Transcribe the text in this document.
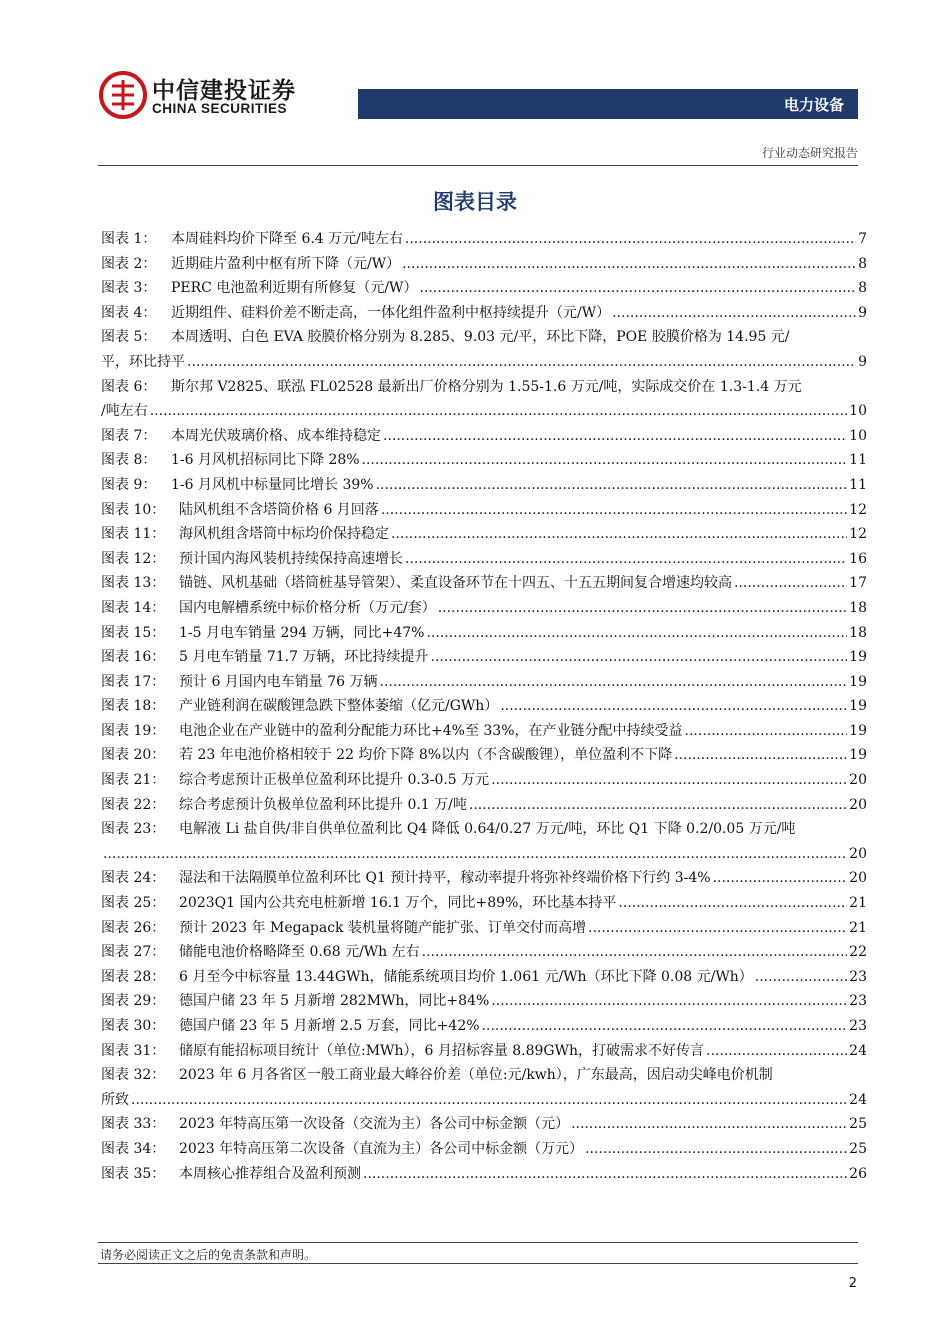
中信建投证券
CHINA SECURITIES	电力设备
行业动态研究报告
图表目录
图表 1：	本周硅料均价下降至 6.4 万元/吨左右 .....	7
图表 2：	近期硅片盈利中枢有所下降（元/W） .....	8
图表 3：	PERC 电池盈利近期有所修复（元/W） .....	8
图表 4：	近期组件、硅料价差不断走高，一体化组件盈利中枢持续提升（元/W） .....	9
图表 5：	本周透明、白色 EVA 胶膜价格分别为 8.285、9.03 元/平，环比下降，POE 胶膜价格为 14.95 元/
平，环比持平 .....	9
图表 6：	斯尔邦 V2825、联泓 FL02528 最新出厂价格分别为 1.55-1.6 万元/吨，实际成交价在 1.3-1.4 万元
/吨左右 .....	10
图表 7：	本周光伏玻璃价格、成本维持稳定 .....	10
图表 8：	1-6 月风机招标同比下降 28% .....	11
图表 9：	1-6 月风机中标量同比增长 39% .....	11
图表 10： 陆风机组不含塔筒价格 6 月回落 .....	12
图表 11： 海风机组含塔筒中标均价保持稳定 .....	12
图表 12： 预计国内海风装机持续保持高速增长 .....	16
图表 13： 锚链、风机基础（塔筒桩基导管架）、柔直设备环节在十四五、十五五期间复合增速均较高 .....	17
图表 14： 国内电解槽系统中标价格分析（万元/套） .....	18
图表 15： 1-5 月电车销量 294 万辆，同比+47% .....	18
图表 16： 5 月电车销量 71.7 万辆，环比持续提升 .....	19
图表 17： 预计 6 月国内电车销量 76 万辆 .....	19
图表 18： 产业链利润在碳酸锂急跌下整体萎缩（亿元/GWh） .....	19
图表 19： 电池企业在产业链中的盈利分配能力环比+4%至 33%，在产业链分配中持续受益 .....	19
图表 20： 若 23 年电池价格相较于 22 均价下降 8%以内（不含碳酸锂），单位盈利不下降 .....	19
图表 21： 综合考虑预计正极单位盈利环比提升 0.3-0.5 万元 .....	20
图表 22： 综合考虑预计负极单位盈利环比提升 0.1 万/吨 .....	20
图表 23： 电解液 Li 盐自供/非自供单位盈利比 Q4 降低 0.64/0.27 万元/吨，环比 Q1 下降 0.2/0.05 万元/吨
.....
20
图表 24： 湿法和干法隔膜单位盈利环比 Q1 预计持平，稼动率提升将弥补终端价格下行约 3-4% .....	20
图表 25： 2023Q1 国内公共充电桩新增 16.1 万个，同比+89%，环比基本持平 .....	21
图表 26： 预计 2023 年 Megapack 装机量将随产能扩张、订单交付而高增 .....	21
图表 27： 储能电池价格略降至 0.68 元/Wh 左右 .....	22
图表 28： 6 月至今中标容量 13.44GWh，储能系统项目均价 1.061 元/Wh（环比下降 0.08 元/Wh） .....	23
图表 29： 德国户储 23 年 5 月新增 282MWh，同比+84% .....	23
图表 30： 德国户储 23 年 5 月新增 2.5 万套，同比+42% .....	23
图表 31： 储原有能招标项目统计（单位:MWh），6 月招标容量 8.89GWh，打破需求不好传言 .....	24
图表 32： 2023 年 6 月各省区一般工商业最大峰谷价差（单位:元/kwh），广东最高，因启动尖峰电价机制
所致 .....	24
图表 33： 2023 年特高压第一次设备（交流为主）各公司中标金额（元） .....	25
图表 34： 2023 年特高压第二次设备（直流为主）各公司中标金额（万元） .....	25
图表 35： 本周核心推荐组合及盈利预测 .....	26
请务必阅读正文之后的免责条款和声明。
2
